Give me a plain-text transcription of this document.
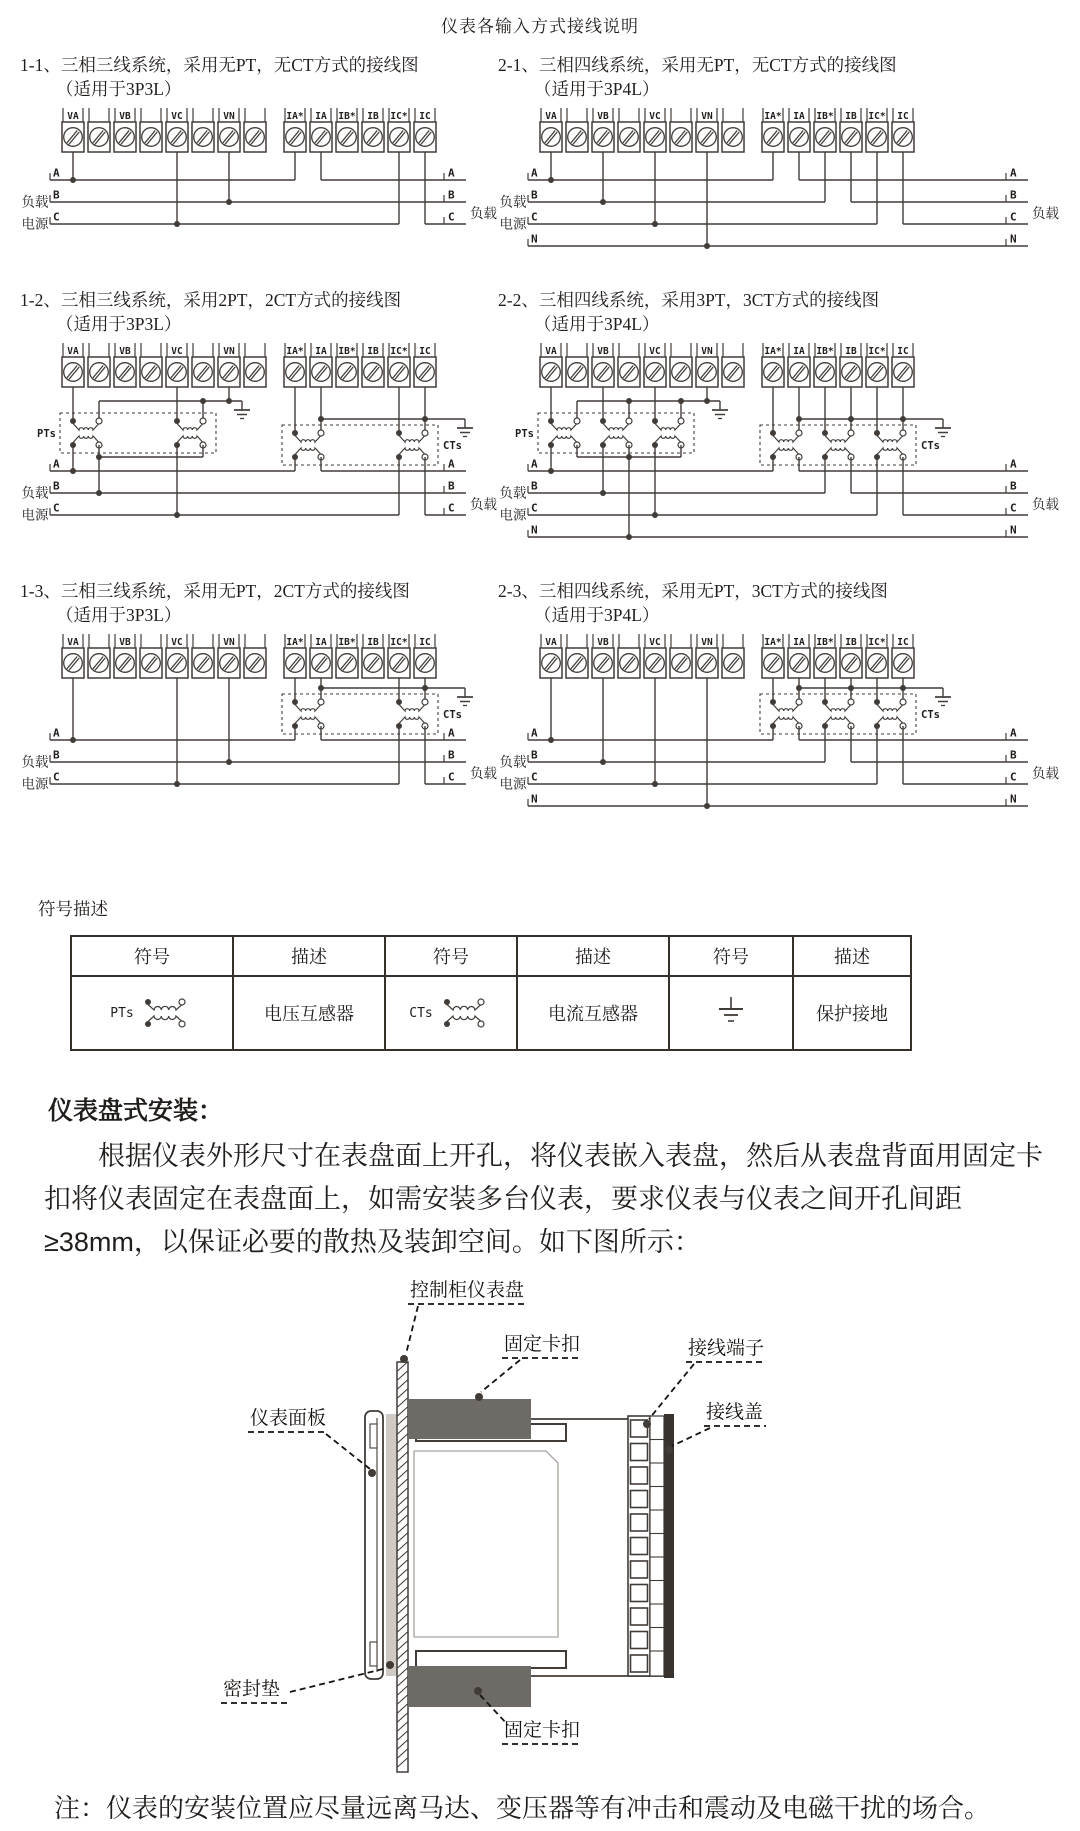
仪表各输入方式接线说明
1-1、三相三线系统，采用无PT，无CT方式的接线图
（适用于3P3L）
VA	VB	VC	VN	IA* IA IB* IB IC* IC
A	A
B	B
C	C
负载
电源
负载
2-1、三相四线系统，采用无PT，无CT方式的接线图
（适用于3P4L）
VA	VB	VC	VN	IA* IA IB* IB IC* IC
A	A
B	B
C	C
N	N
负载
电源
负载
1-2、三相三线系统，采用2PT，2CT方式的接线图
（适用于3P3L）
VA	VB	VC	VN	IA* IA IB* IB IC* IC
A	A
B	B
C	C
负载
电源
负载
PTs
CTs
2-2、三相四线系统，采用3PT，3CT方式的接线图
（适用于3P4L）
VA	VB	VC	VN	IA* IA IB* IB IC* IC
A	A
B	B
C	C
N	N
负载
电源
负载
PTs
CTs
1-3、三相三线系统，采用无PT，2CT方式的接线图
（适用于3P3L）
VA	VB	VC	VN	IA* IA IB* IB IC* IC
A	A
B	B
C	C
负载
电源
负载
CTs
2-3、三相四线系统，采用无PT，3CT方式的接线图
（适用于3P4L）
VA	VB	VC	VN	IA* IA IB* IB IC* IC
A	A
B	B
C	C
N	N
负载
电源
负载
CTs
符号描述
符号	描述	符号	描述	符号	描述

PTs	电压互感器	CTs	电流互感器		保护接地
仪表盘式安装：
根据仪表外形尺寸在表盘面上开孔，将仪表嵌入表盘，然后从表盘背面用固定卡扣将仪表固定在表盘面上，如需安装多台仪表，要求仪表与仪表之间开孔间距≥38mm，以保证必要的散热及装卸空间。如下图所示：
控制柜仪表盘
固定卡扣	接线端子
接线盖
仪表面板
密封垫
固定卡扣
注：仪表的安装位置应尽量远离马达、变压器等有冲击和震动及电磁干扰的场合。
